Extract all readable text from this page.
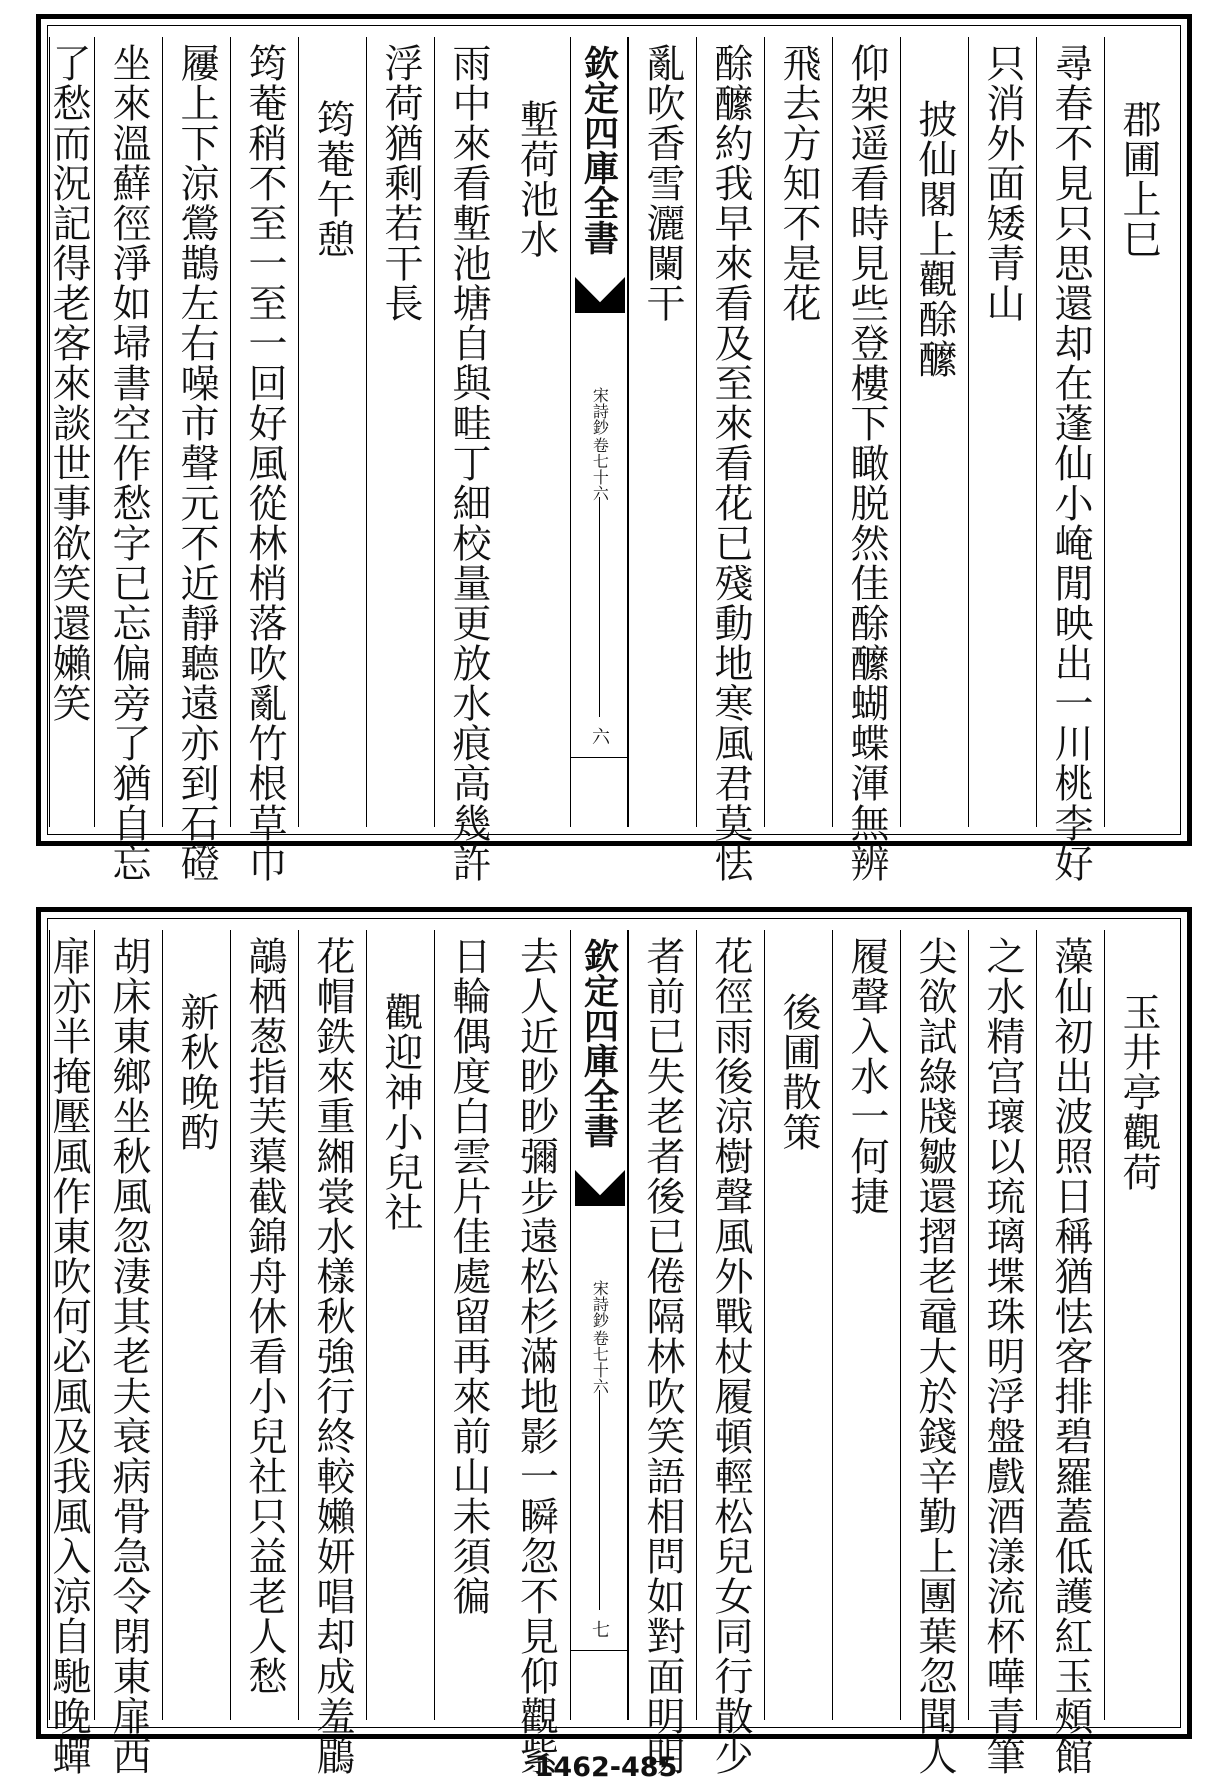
郡圃上巳
尋春不見只思還却在蓬仙小崦閒映出一川桃李好
只消外面矮青山
披仙閣上觀酴醿
仰架遥看時見些登樓下瞰脱然佳酴醿蝴蝶渾無辨
飛去方知不是花
酴醿約我早來看及至來看花已殘動地寒風君莫怯
亂吹香雪灑闌干
欽定四庫全書
宋詩鈔
卷七十六
六
塹荷池水
雨中來看塹池塘自與畦丁細校量更放水痕高幾許
浮荷猶剩若干長
筠菴午憩
筠菴稍不至一至一回好風從林梢落吹亂竹根草巾
屨上下涼鶯鵲左右噪市聲元不近靜聽遠亦到石磴
坐來溫蘚徑淨如埽書空作愁字已忘偏旁了猶自忘
了愁而況記得老客來談世事欲笑還嬾笑
玉井亭觀荷
藻仙初出波照日稱猶怯客排碧羅蓋低護紅玉頰館
之水精宫瓌以琉璃堞珠明浮盤戲酒漾流杯嘩青筆
尖欲試綠牋皺還摺老黿大於錢辛勤上團葉忽聞人
履聲入水一何捷
後圃散策
花徑雨後涼樹聲風外戰杖履頓輕松兒女同行散少
者前已失老者後已倦隔林吹笑語相問如對面明明
欽定四庫全書
宋詩鈔
卷七十六
七
去人近眇眇彌步遠松杉滿地影一瞬忽不見仰觀紫
日輪偶度白雲片佳處留再來前山未須徧
觀迎神小兒社
花帽鉄來重緗裳水樣秋強行終較嬾妍唱却成羞鶥
鶮栖葱指芙蕖截錦舟休看小兒社只益老人愁
新秋晚酌
胡床東鄉坐秋風忽淒其老夫衰病骨急令閉東扉西
扉亦半掩壓風作東吹何必風及我風入涼自馳晚蟬	1462-485
